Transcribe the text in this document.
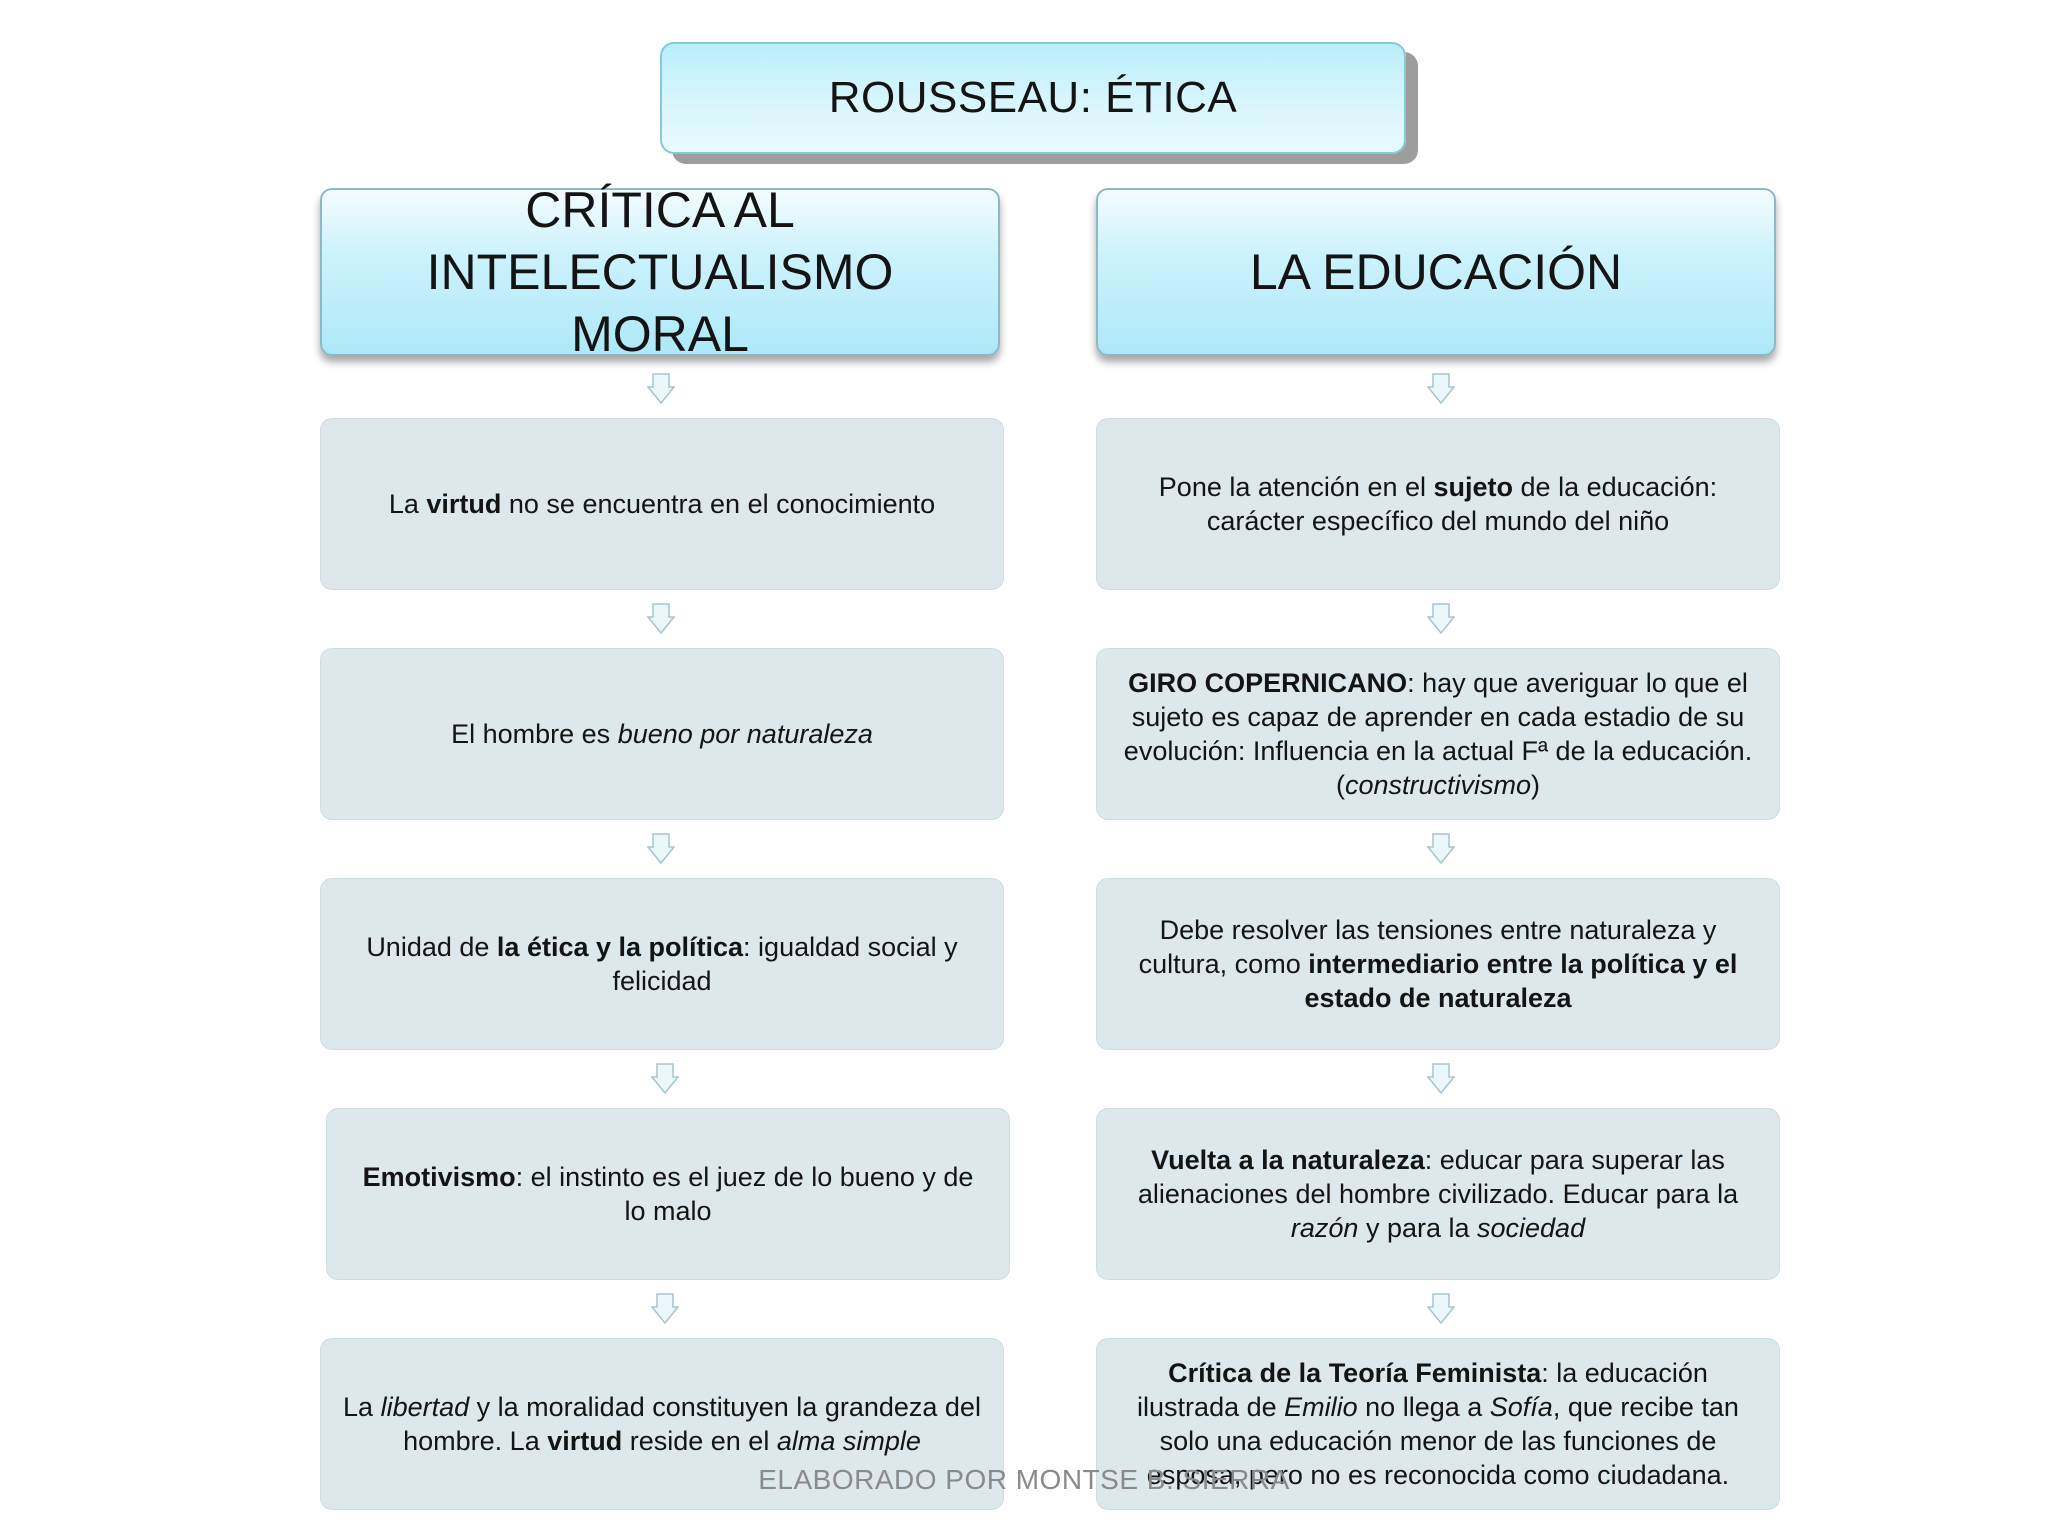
ROUSSEAU: ÉTICA
CRÍTICA AL
INTELECTUALISMO MORAL
LA EDUCACIÓN
La virtud no se encuentra en el conocimiento
El hombre es bueno por naturaleza
Unidad de la ética y la política: igualdad social y felicidad
Emotivismo: el instinto es el juez de lo bueno y de lo malo
La libertad y la moralidad constituyen la grandeza del hombre. La virtud reside en el alma simple
Pone la atención en el sujeto de la educación: carácter específico del mundo del niño
GIRO COPERNICANO: hay que averiguar lo que el sujeto es capaz de aprender en cada estadio de su evolución: Influencia en la actual Fª de la educación. (constructivismo)
Debe resolver las tensiones entre naturaleza y cultura, como intermediario entre la política y el estado de naturaleza
Vuelta a la naturaleza: educar para superar las alienaciones del hombre civilizado. Educar para la razón y para la sociedad
Crítica de la Teoría Feminista: la educación ilustrada de Emilio no llega a Sofía, que recibe tan solo una educación menor de las funciones de esposa, pero no es reconocida como ciudadana.
ELABORADO POR MONTSE B. SIERRA
